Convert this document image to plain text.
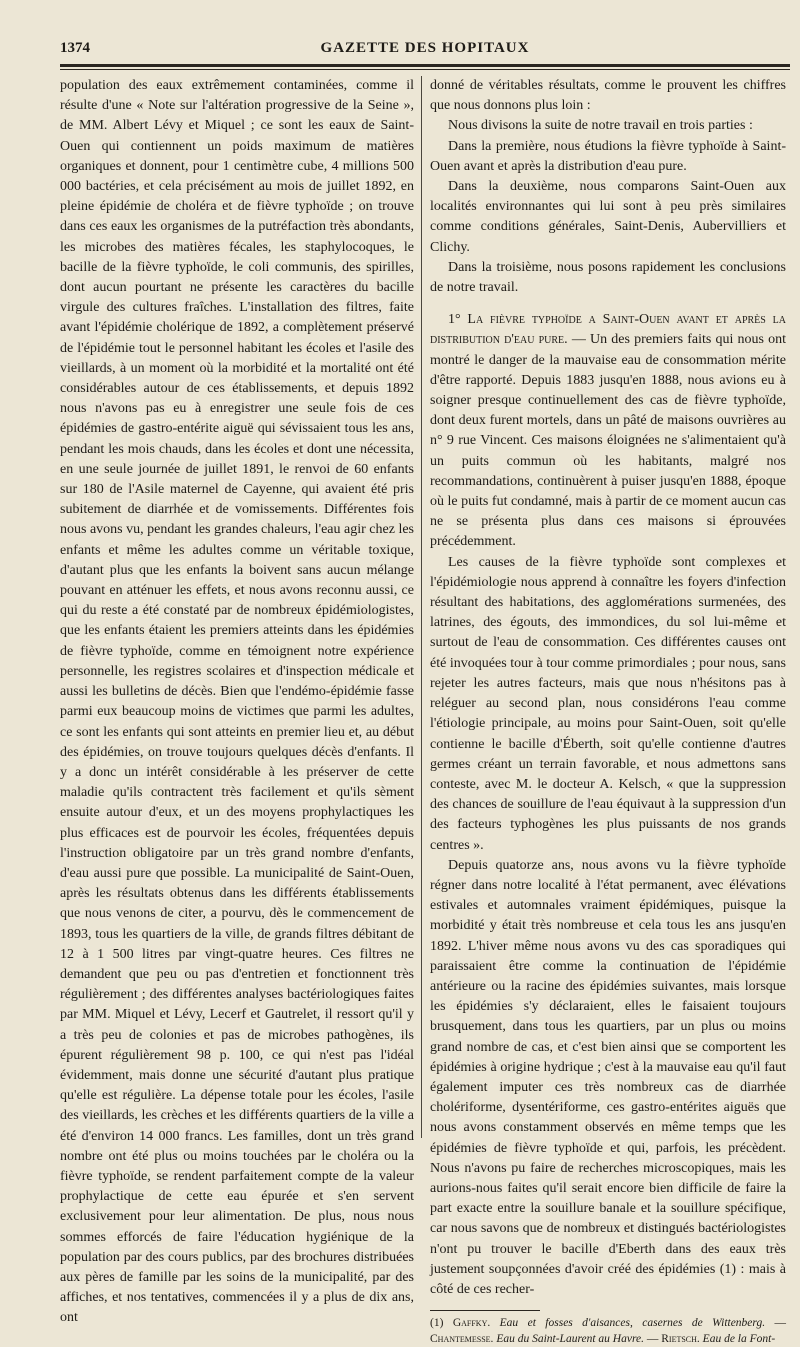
1374	GAZETTE DES HOPITAUX

population des eaux extrêmement contaminées, comme il résulte d'une « Note sur l'altération progressive de la Seine », de MM. Albert Lévy et Miquel ; ce sont les eaux de Saint-Ouen qui contiennent un poids maximum de matières organiques et donnent, pour 1 centimètre cube, 4 millions 500 000 bactéries, et cela précisément au mois de juillet 1892, en pleine épidémie de choléra et de fièvre typhoïde ; on trouve dans ces eaux les organismes de la putréfaction très abondants, les microbes des matières fécales, les staphylocoques, le bacille de la fièvre typhoïde, le coli communis, des spirilles, dont aucun pourtant ne présente les caractères du bacille virgule des cultures fraîches. L'installation des filtres, faite avant l'épidémie cholérique de 1892, a complètement préservé de l'épidémie tout le personnel habitant les écoles et l'asile des vieillards, à un moment où la morbidité et la mortalité ont été considérables autour de ces établissements, et depuis 1892 nous n'avons pas eu à enregistrer une seule fois de ces épidémies de gastro-entérite aiguë qui sévissaient tous les ans, pendant les mois chauds, dans les écoles et dont une nécessita, en une seule journée de juillet 1891, le renvoi de 60 enfants sur 180 de l'Asile maternel de Cayenne, qui avaient été pris subitement de diarrhée et de vomissements. Différentes fois nous avons vu, pendant les grandes chaleurs, l'eau agir chez les enfants et même les adultes comme un véritable toxique, d'autant plus que les enfants la boivent sans aucun mélange pouvant en atténuer les effets, et nous avons reconnu aussi, ce qui du reste a été constaté par de nombreux épidémiologistes, que les enfants étaient les premiers atteints dans les épidémies de fièvre typhoïde, comme en témoignent notre expérience personnelle, les registres scolaires et d'inspection médicale et aussi les bulletins de décès. Bien que l'endémo-épidémie fasse parmi eux beaucoup moins de victimes que parmi les adultes, ce sont les enfants qui sont atteints en premier lieu et, au début des épidémies, on trouve toujours quelques décès d'enfants. Il y a donc un intérêt considérable à les préserver de cette maladie qu'ils contractent très facilement et qu'ils sèment ensuite autour d'eux, et un des moyens prophylactiques les plus efficaces est de pourvoir les écoles, fréquentées depuis l'instruction obligatoire par un très grand nombre d'enfants, d'eau aussi pure que possible. La municipalité de Saint-Ouen, après les résultats obtenus dans les différents établissements que nous venons de citer, a pourvu, dès le commencement de 1893, tous les quartiers de la ville, de grands filtres débitant de 12 à 1 500 litres par vingt-quatre heures. Ces filtres ne demandent que peu ou pas d'entretien et fonctionnent très régulièrement ; des différentes analyses bactériologiques faites par MM. Miquel et Lévy, Lecerf et Gautrelet, il ressort qu'il y a très peu de colonies et pas de microbes pathogènes, ils épurent régulièrement 98 p. 100, ce qui n'est pas l'idéal évidemment, mais donne une sécurité d'autant plus pratique qu'elle est régulière. La dépense totale pour les écoles, l'asile des vieillards, les crèches et les différents quartiers de la ville a été d'environ 14 000 francs. Les familles, dont un très grand nombre ont été plus ou moins touchées par le choléra ou la fièvre typhoïde, se rendent parfaitement compte de la valeur prophylactique de cette eau épurée et s'en servent exclusivement pour leur alimentation. De plus, nous nous sommes efforcés de faire l'éducation hygiénique de la population par des cours publics, par des brochures distribuées aux pères de famille par les soins de la municipalité, par des affiches, et nos tentatives, commencées il y a plus de dix ans, ont

donné de véritables résultats, comme le prouvent les chiffres que nous donnons plus loin :

Nous divisons la suite de notre travail en trois parties :

Dans la première, nous étudions la fièvre typhoïde à Saint-Ouen avant et après la distribution d'eau pure.

Dans la deuxième, nous comparons Saint-Ouen aux localités environnantes qui lui sont à peu près similaires comme conditions générales, Saint-Denis, Aubervilliers et Clichy.

Dans la troisième, nous posons rapidement les conclusions de notre travail.

1° La fièvre typhoïde a Saint-Ouen avant et après la distribution d'eau pure. — Un des premiers faits qui nous ont montré le danger de la mauvaise eau de consommation mérite d'être rapporté. Depuis 1883 jusqu'en 1888, nous avions eu à soigner presque continuellement des cas de fièvre typhoïde, dont deux furent mortels, dans un pâté de maisons ouvrières au n° 9 rue Vincent. Ces maisons éloignées ne s'alimentaient qu'à un puits commun où les habitants, malgré nos recommandations, continuèrent à puiser jusqu'en 1888, époque où le puits fut condamné, mais à partir de ce moment aucun cas ne se présenta plus dans ces maisons si éprouvées précédemment.

Les causes de la fièvre typhoïde sont complexes et l'épidémiologie nous apprend à connaître les foyers d'infection résultant des habitations, des agglomérations surmenées, des latrines, des égouts, des immondices, du sol lui-même et surtout de l'eau de consommation. Ces différentes causes ont été invoquées tour à tour comme primordiales ; pour nous, sans rejeter les autres facteurs, mais que nous n'hésitons pas à reléguer au second plan, nous considérons l'eau comme l'étiologie principale, au moins pour Saint-Ouen, soit qu'elle contienne le bacille d'Éberth, soit qu'elle contienne d'autres germes créant un terrain favorable, et nous admettons sans conteste, avec M. le docteur A. Kelsch, « que la suppression des chances de souillure de l'eau équivaut à la suppression d'un des facteurs typhogènes les plus puissants de nos grands centres ».

Depuis quatorze ans, nous avons vu la fièvre typhoïde régner dans notre localité à l'état permanent, avec élévations estivales et automnales vraiment épidémiques, puisque la morbidité y était très nombreuse et cela tous les ans jusqu'en 1892. L'hiver même nous avons vu des cas sporadiques qui paraissaient être comme la continuation de l'épidémie antérieure ou la racine des épidémies suivantes, mais lorsque les épidémies s'y déclaraient, elles le faisaient toujours brusquement, dans tous les quartiers, par un plus ou moins grand nombre de cas, et c'est bien ainsi que se comportent les épidémies à origine hydrique ; c'est à la mauvaise eau qu'il faut également imputer ces très nombreux cas de diarrhée cholériforme, dysentériforme, ces gastro-entérites aiguës que nous avons constamment observés en même temps que les épidémies de fièvre typhoïde et qui, parfois, les précèdent. Nous n'avons pu faire de recherches microscopiques, mais les aurions-nous faites qu'il serait encore bien difficile de faire la part exacte entre la souillure banale et la souillure spécifique, car nous savons que de nombreux et distingués bactériologistes n'ont pu trouver le bacille d'Eberth dans des eaux très justement soupçonnées d'avoir créé des épidémies (1) : mais à côté de ces recher-

(1) Gaffky. Eau et fosses d'aisances, casernes de Wittenberg. — Chantemesse. Eau du Saint-Laurent au Havre. — Rietsch. Eau de la Font-
